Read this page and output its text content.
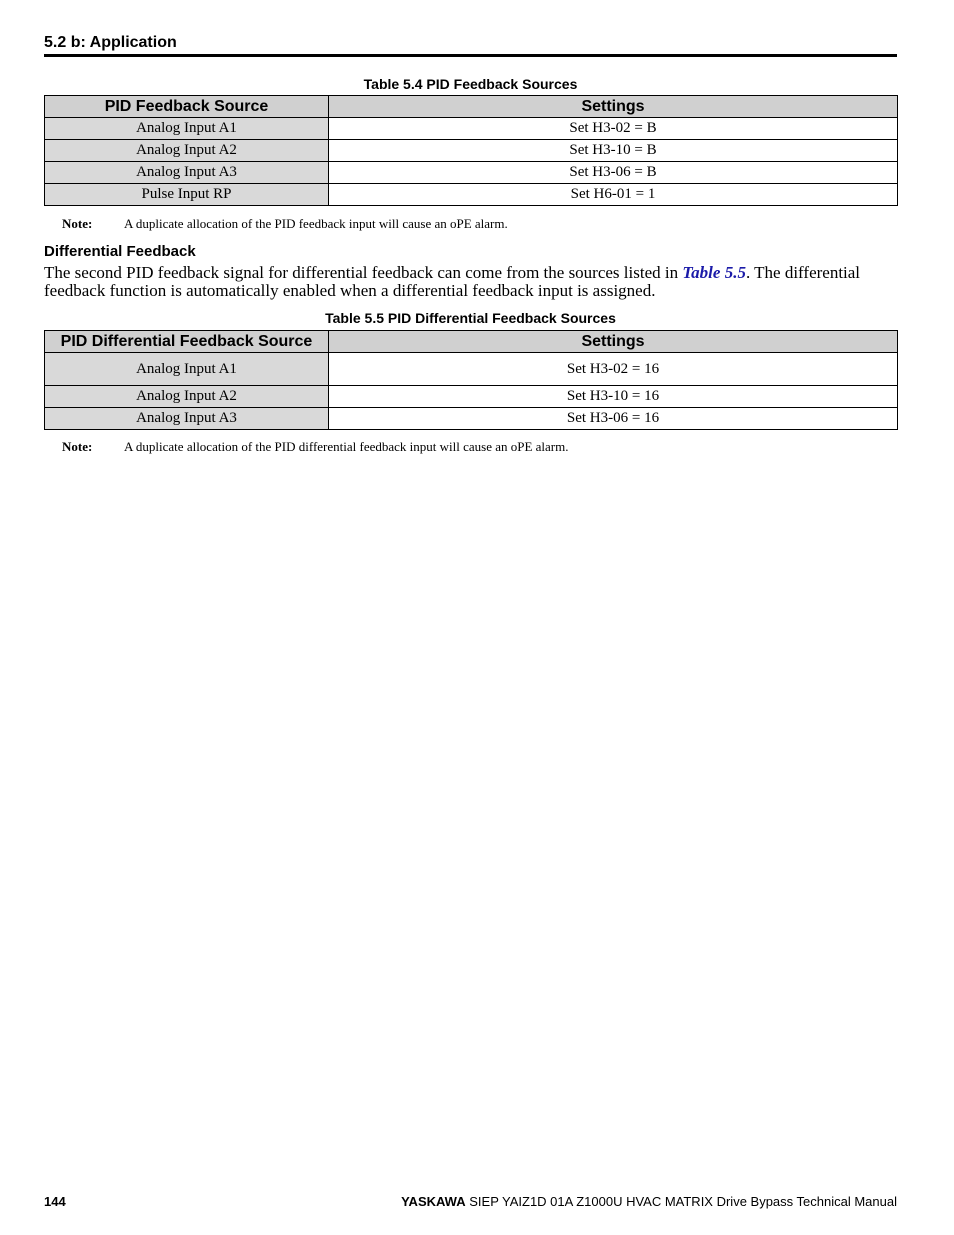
5.2 b: Application
Table 5.4 PID Feedback Sources
PID Feedback Source	Settings
Analog Input A1	Set H3-02 = B
Analog Input A2	Set H3-10 = B
Analog Input A3	Set H3-06 = B
Pulse Input RP	Set H6-01 = 1
Note: A duplicate allocation of the PID feedback input will cause an oPE alarm.
Differential Feedback
The second PID feedback signal for differential feedback can come from the sources listed in Table 5.5. The differential feedback function is automatically enabled when a differential feedback input is assigned.
Table 5.5 PID Differential Feedback Sources
PID Differential Feedback Source	Settings
Analog Input A1	Set H3-02 = 16
Analog Input A2	Set H3-10 = 16
Analog Input A3	Set H3-06 = 16
Note: A duplicate allocation of the PID differential feedback input will cause an oPE alarm.
144	YASKAWA SIEP YAIZ1D 01A Z1000U HVAC MATRIX Drive Bypass Technical Manual
